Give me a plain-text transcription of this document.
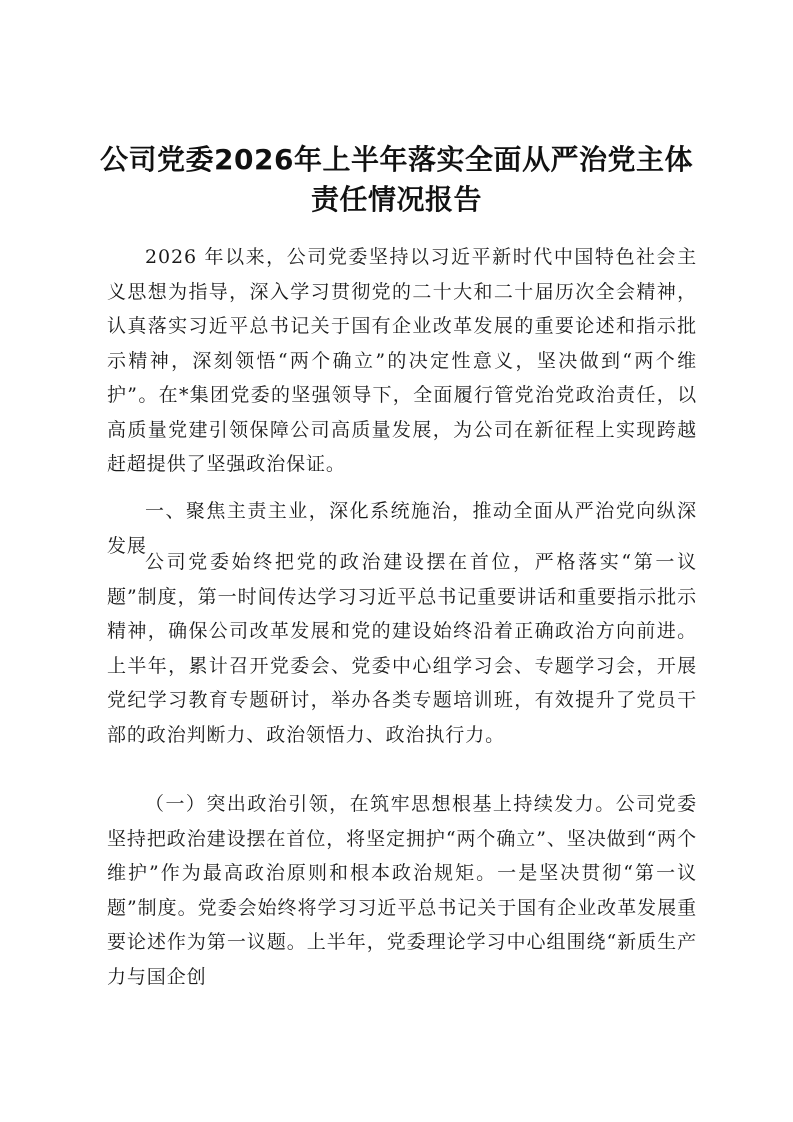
公司党委2026年上半年落实全面从严治党主体责任情况报告

2026 年以来，公司党委坚持以习近平新时代中国特色社会主义思想为指导，深入学习贯彻党的二十大和二十届历次全会精神，认真落实习近平总书记关于国有企业改革发展的重要论述和指示批示精神，深刻领悟“两个确立”的决定性意义，坚决做到“两个维护”。在*集团党委的坚强领导下，全面履行管党治党政治责任，以高质量党建引领保障公司高质量发展，为公司在新征程上实现跨越赶超提供了坚强政治保证。

一、聚焦主责主业，深化系统施治，推动全面从严治党向纵深发展

公司党委始终把党的政治建设摆在首位，严格落实“第一议题”制度，第一时间传达学习习近平总书记重要讲话和重要指示批示精神，确保公司改革发展和党的建设始终沿着正确政治方向前进。上半年，累计召开党委会、党委中心组学习会、专题学习会，开展党纪学习教育专题研讨，举办各类专题培训班，有效提升了党员干部的政治判断力、政治领悟力、政治执行力。

（一）突出政治引领，在筑牢思想根基上持续发力。公司党委坚持把政治建设摆在首位，将坚定拥护“两个确立”、坚决做到“两个维护”作为最高政治原则和根本政治规矩。一是坚决贯彻“第一议题”制度。党委会始终将学习习近平总书记关于国有企业改革发展重要论述作为第一议题。上半年，党委理论学习中心组围绕“新质生产力与国企创
